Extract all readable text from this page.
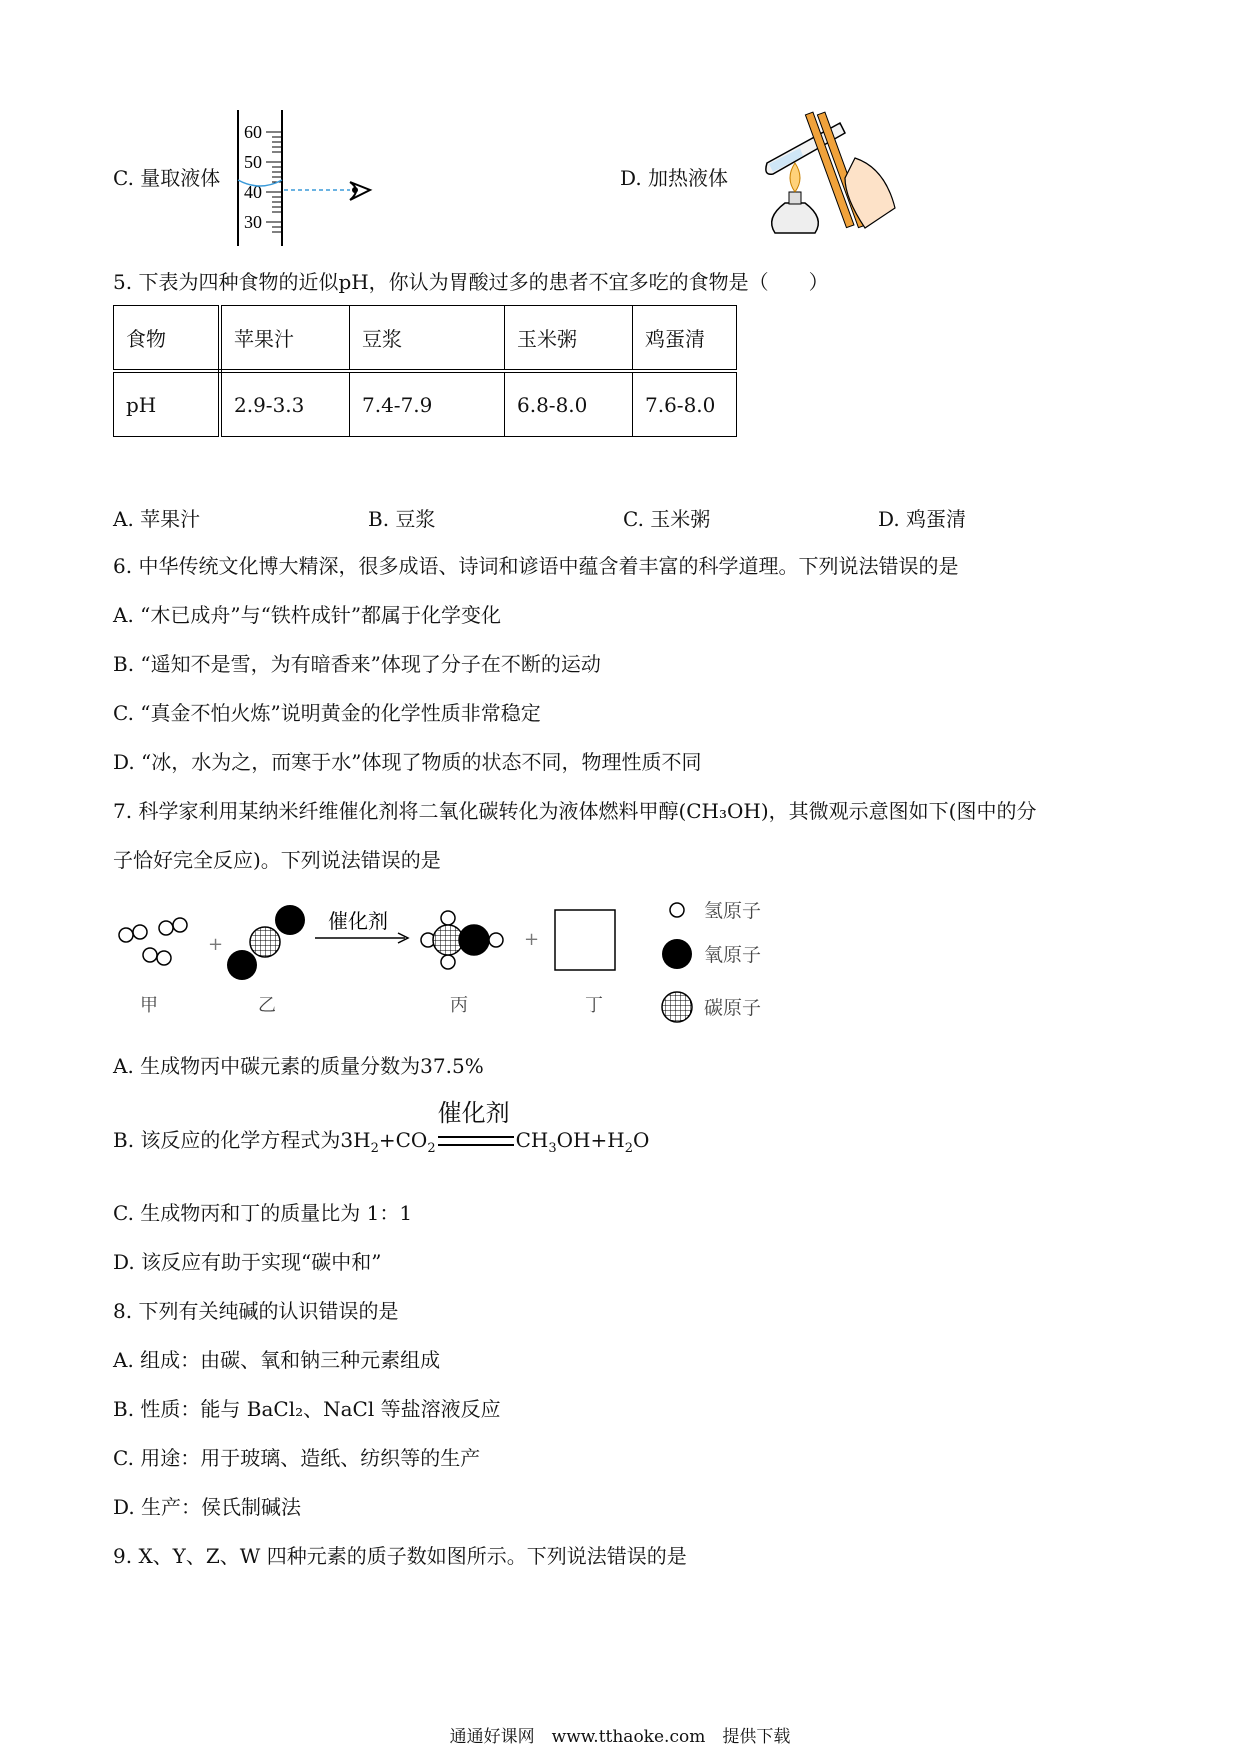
C. 量取液体
60
50
40
30
D. 加热液体
5. 下表为四种食物的近似pH，你认为胃酸过多的患者不宜多吃的食物是（　　）
食物	苹果汁	豆浆	玉米粥	鸡蛋清
pH	2.9-3.3	7.4-7.9	6.8-8.0	7.6-8.0
A. 苹果汁	B. 豆浆	C. 玉米粥	D. 鸡蛋清
6. 中华传统文化博大精深，很多成语、诗词和谚语中蕴含着丰富的科学道理。下列说法错误的是
A. “木已成舟”与“铁杵成针”都属于化学变化
B. “遥知不是雪，为有暗香来”体现了分子在不断的运动
C. “真金不怕火炼”说明黄金的化学性质非常稳定
D. “冰，水为之，而寒于水”体现了物质的状态不同，物理性质不同
7. 科学家利用某纳米纤维催化剂将二氧化碳转化为液体燃料甲醇(CH₃OH)，其微观示意图如下(图中的分
子恰好完全反应)。下列说法错误的是
+
催化剂
+
甲	乙	丙	丁
氢原子
氧原子
碳原子
A. 生成物丙中碳元素的质量分数为37.5%
B. 该反应的化学方程式为$3H_2+CO_2$
催化剂
$CH_3OH+H_2O$
C. 生成物丙和丁的质量比为 1：1
D. 该反应有助于实现“碳中和”
8. 下列有关纯碱的认识错误的是
A. 组成：由碳、氧和钠三种元素组成
B. 性质：能与 BaCl₂、NaCl 等盐溶液反应
C. 用途：用于玻璃、造纸、纺织等的生产
D. 生产：侯氏制碱法
9. X、Y、Z、W 四种元素的质子数如图所示。下列说法错误的是
通通好课网　www.tthaoke.com　提供下载
